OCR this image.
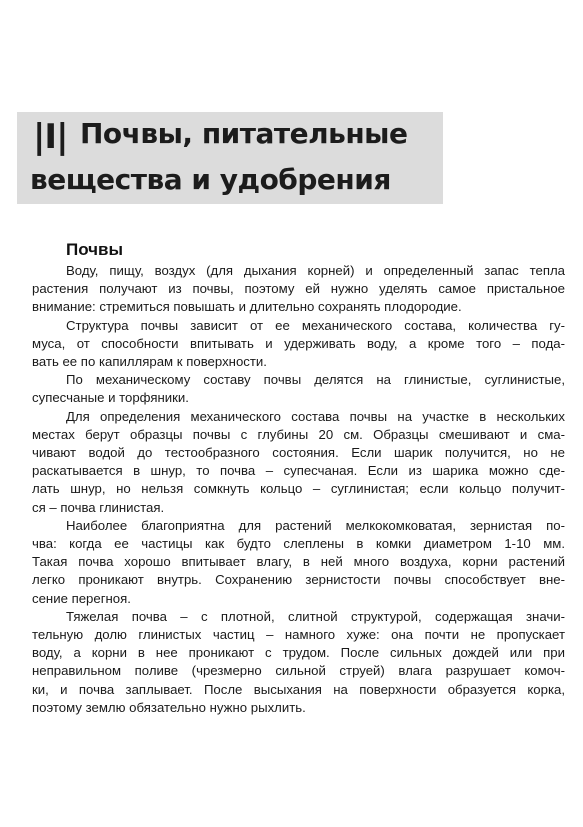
|I| Почвы, питательные
вещества и удобрения
Почвы

Воду, пищу, воздух (для дыхания корней) и определенный запас тепла
растения получают из почвы, поэтому ей нужно уделять самое пристальное
внимание: стремиться повышать и длительно сохранять плодородие.

Структура почвы зависит от ее механического состава, количества гу-
муса, от способности впитывать и удерживать воду, а кроме того – пода-
вать ее по капиллярам к поверхности.

По механическому составу почвы делятся на глинистые, суглинистые,
супесчаные и торфяники.

Для определения механического состава почвы на участке в нескольких
местах берут образцы почвы с глубины 20 см. Образцы смешивают и сма-
чивают водой до тестообразного состояния. Если шарик получится, но не
раскатывается в шнур, то почва – супесчаная. Если из шарика можно сде-
лать шнур, но нельзя сомкнуть кольцо – суглинистая; если кольцо получит-
ся – почва глинистая.

Наиболее благоприятна для растений мелкокомковатая, зернистая по-
чва: когда ее частицы как будто слеплены в комки диаметром 1-10 мм.
Такая почва хорошо впитывает влагу, в ней много воздуха, корни растений
легко проникают внутрь. Сохранению зернистости почвы способствует вне-
сение перегноя.

Тяжелая почва – с плотной, слитной структурой, содержащая значи-
тельную долю глинистых частиц – намного хуже: она почти не пропускает
воду, а корни в нее проникают с трудом. После сильных дождей или при
неправильном поливе (чрезмерно сильной струей) влага разрушает комоч-
ки, и почва заплывает. После высыхания на поверхности образуется корка,
поэтому землю обязательно нужно рыхлить.
